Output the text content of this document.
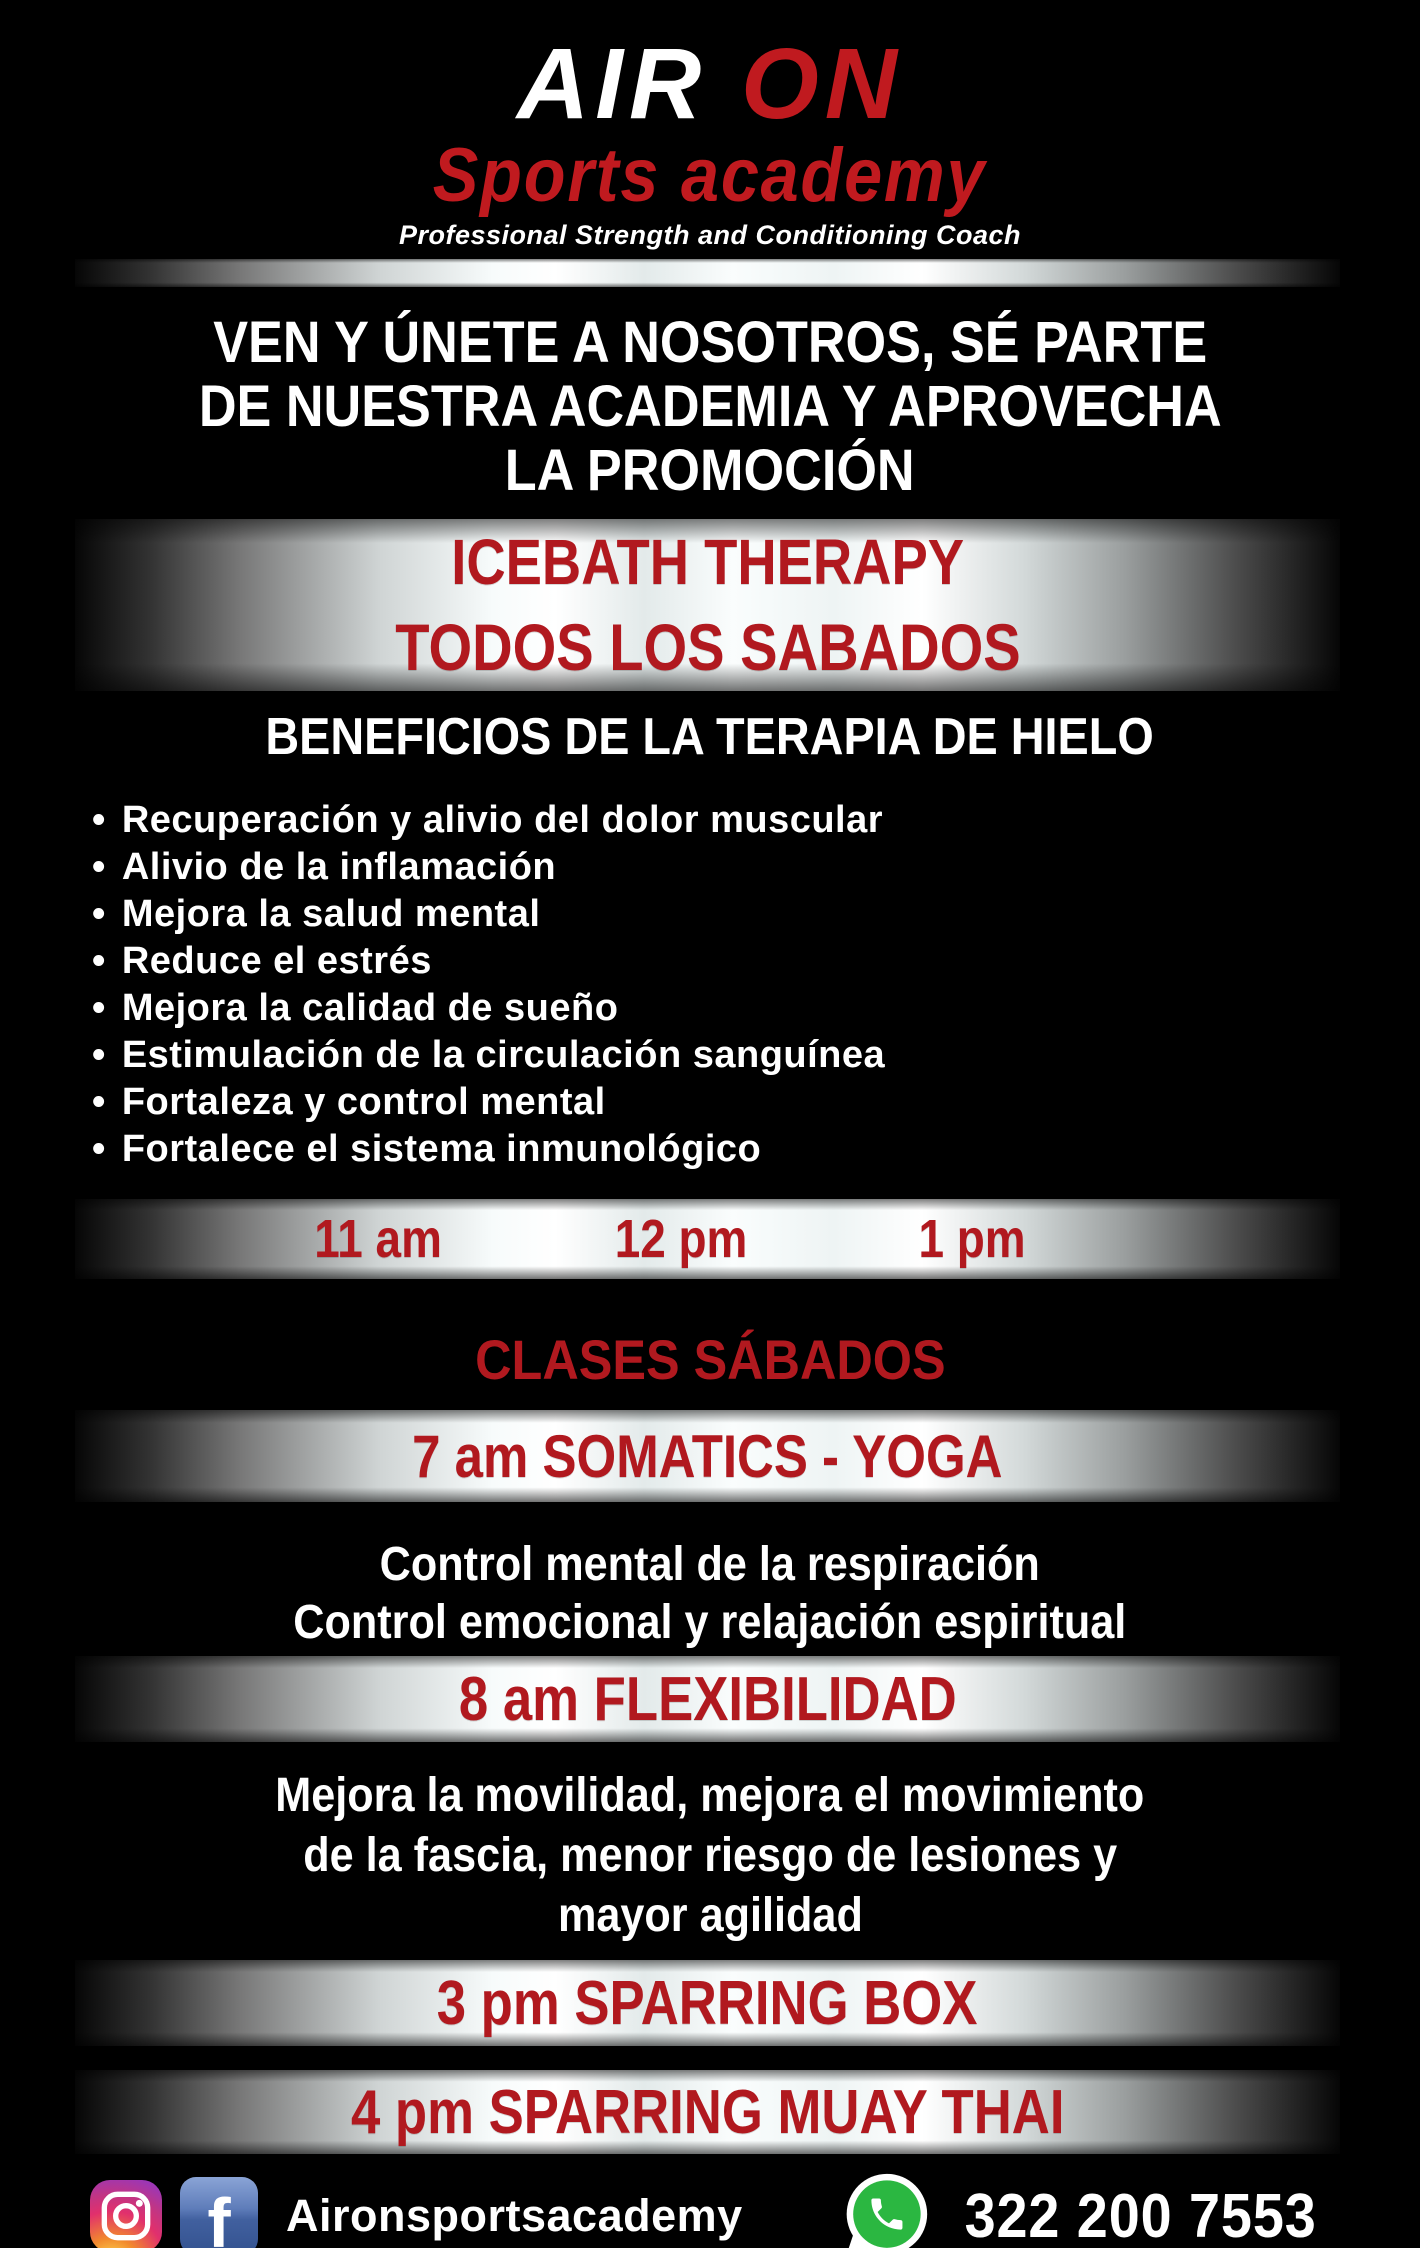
AIR ON
Sports academy
Professional Strength and Conditioning Coach
VEN Y ÚNETE A NOSOTROS, SÉ PARTE
DE NUESTRA ACADEMIA Y APROVECHA
LA PROMOCIÓN
ICEBATH THERAPY
TODOS LOS SABADOS
BENEFICIOS DE LA TERAPIA DE HIELO
• Recuperación y alivio del dolor muscular
• Alivio de la inflamación
• Mejora la salud mental
• Reduce el estrés
• Mejora la calidad de sueño
• Estimulación de la circulación sanguínea
• Fortaleza y control mental
• Fortalece el sistema inmunológico
11 am	12 pm	1 pm
CLASES SÁBADOS
7 am SOMATICS - YOGA
Control mental de la respiración
Control emocional y relajación espiritual
8 am FLEXIBILIDAD
Mejora la movilidad, mejora el movimiento
de la fascia, menor riesgo de lesiones y
mayor agilidad
3 pm SPARRING BOX
4 pm SPARRING MUAY THAI
f Aironsportsacademy	322 200 7553
